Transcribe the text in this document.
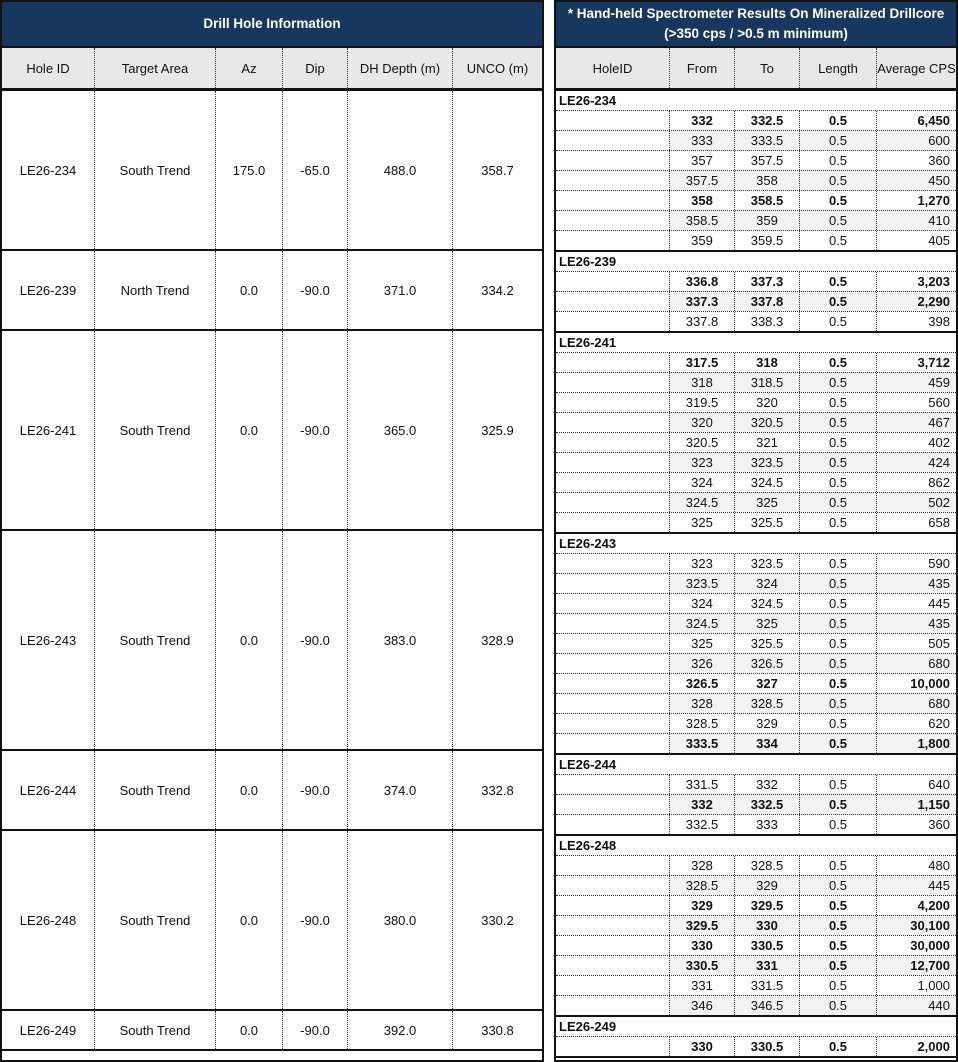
Drill Hole Information
Hole ID	Target Area	Az	Dip	DH Depth (m)	UNCO (m)
LE26-234	South Trend	175.0	-65.0	488.0	358.7
LE26-239	North Trend	0.0	-90.0	371.0	334.2
LE26-241	South Trend	0.0	-90.0	365.0	325.9
LE26-243	South Trend	0.0	-90.0	383.0	328.9
LE26-244	South Trend	0.0	-90.0	374.0	332.8
LE26-248	South Trend	0.0	-90.0	380.0	330.2
LE26-249	South Trend	0.0	-90.0	392.0	330.8
* Hand-held Spectrometer Results On Mineralized Drillcore
(>350 cps / >0.5 m minimum)
HoleID	From	To	Length	Average CPS
LE26-234
332	332.5	0.5	6,450
333	333.5	0.5	600
357	357.5	0.5	360
357.5	358	0.5	450
358	358.5	0.5	1,270
358.5	359	0.5	410
359	359.5	0.5	405
LE26-239
336.8	337.3	0.5	3,203
337.3	337.8	0.5	2,290
337.8	338.3	0.5	398
LE26-241
317.5	318	0.5	3,712
318	318.5	0.5	459
319.5	320	0.5	560
320	320.5	0.5	467
320.5	321	0.5	402
323	323.5	0.5	424
324	324.5	0.5	862
324.5	325	0.5	502
325	325.5	0.5	658
LE26-243
323	323.5	0.5	590
323.5	324	0.5	435
324	324.5	0.5	445
324.5	325	0.5	435
325	325.5	0.5	505
326	326.5	0.5	680
326.5	327	0.5	10,000
328	328.5	0.5	680
328.5	329	0.5	620
333.5	334	0.5	1,800
LE26-244
331.5	332	0.5	640
332	332.5	0.5	1,150
332.5	333	0.5	360
LE26-248
328	328.5	0.5	480
328.5	329	0.5	445
329	329.5	0.5	4,200
329.5	330	0.5	30,100
330	330.5	0.5	30,000
330.5	331	0.5	12,700
331	331.5	0.5	1,000
346	346.5	0.5	440
LE26-249
330	330.5	0.5	2,000
